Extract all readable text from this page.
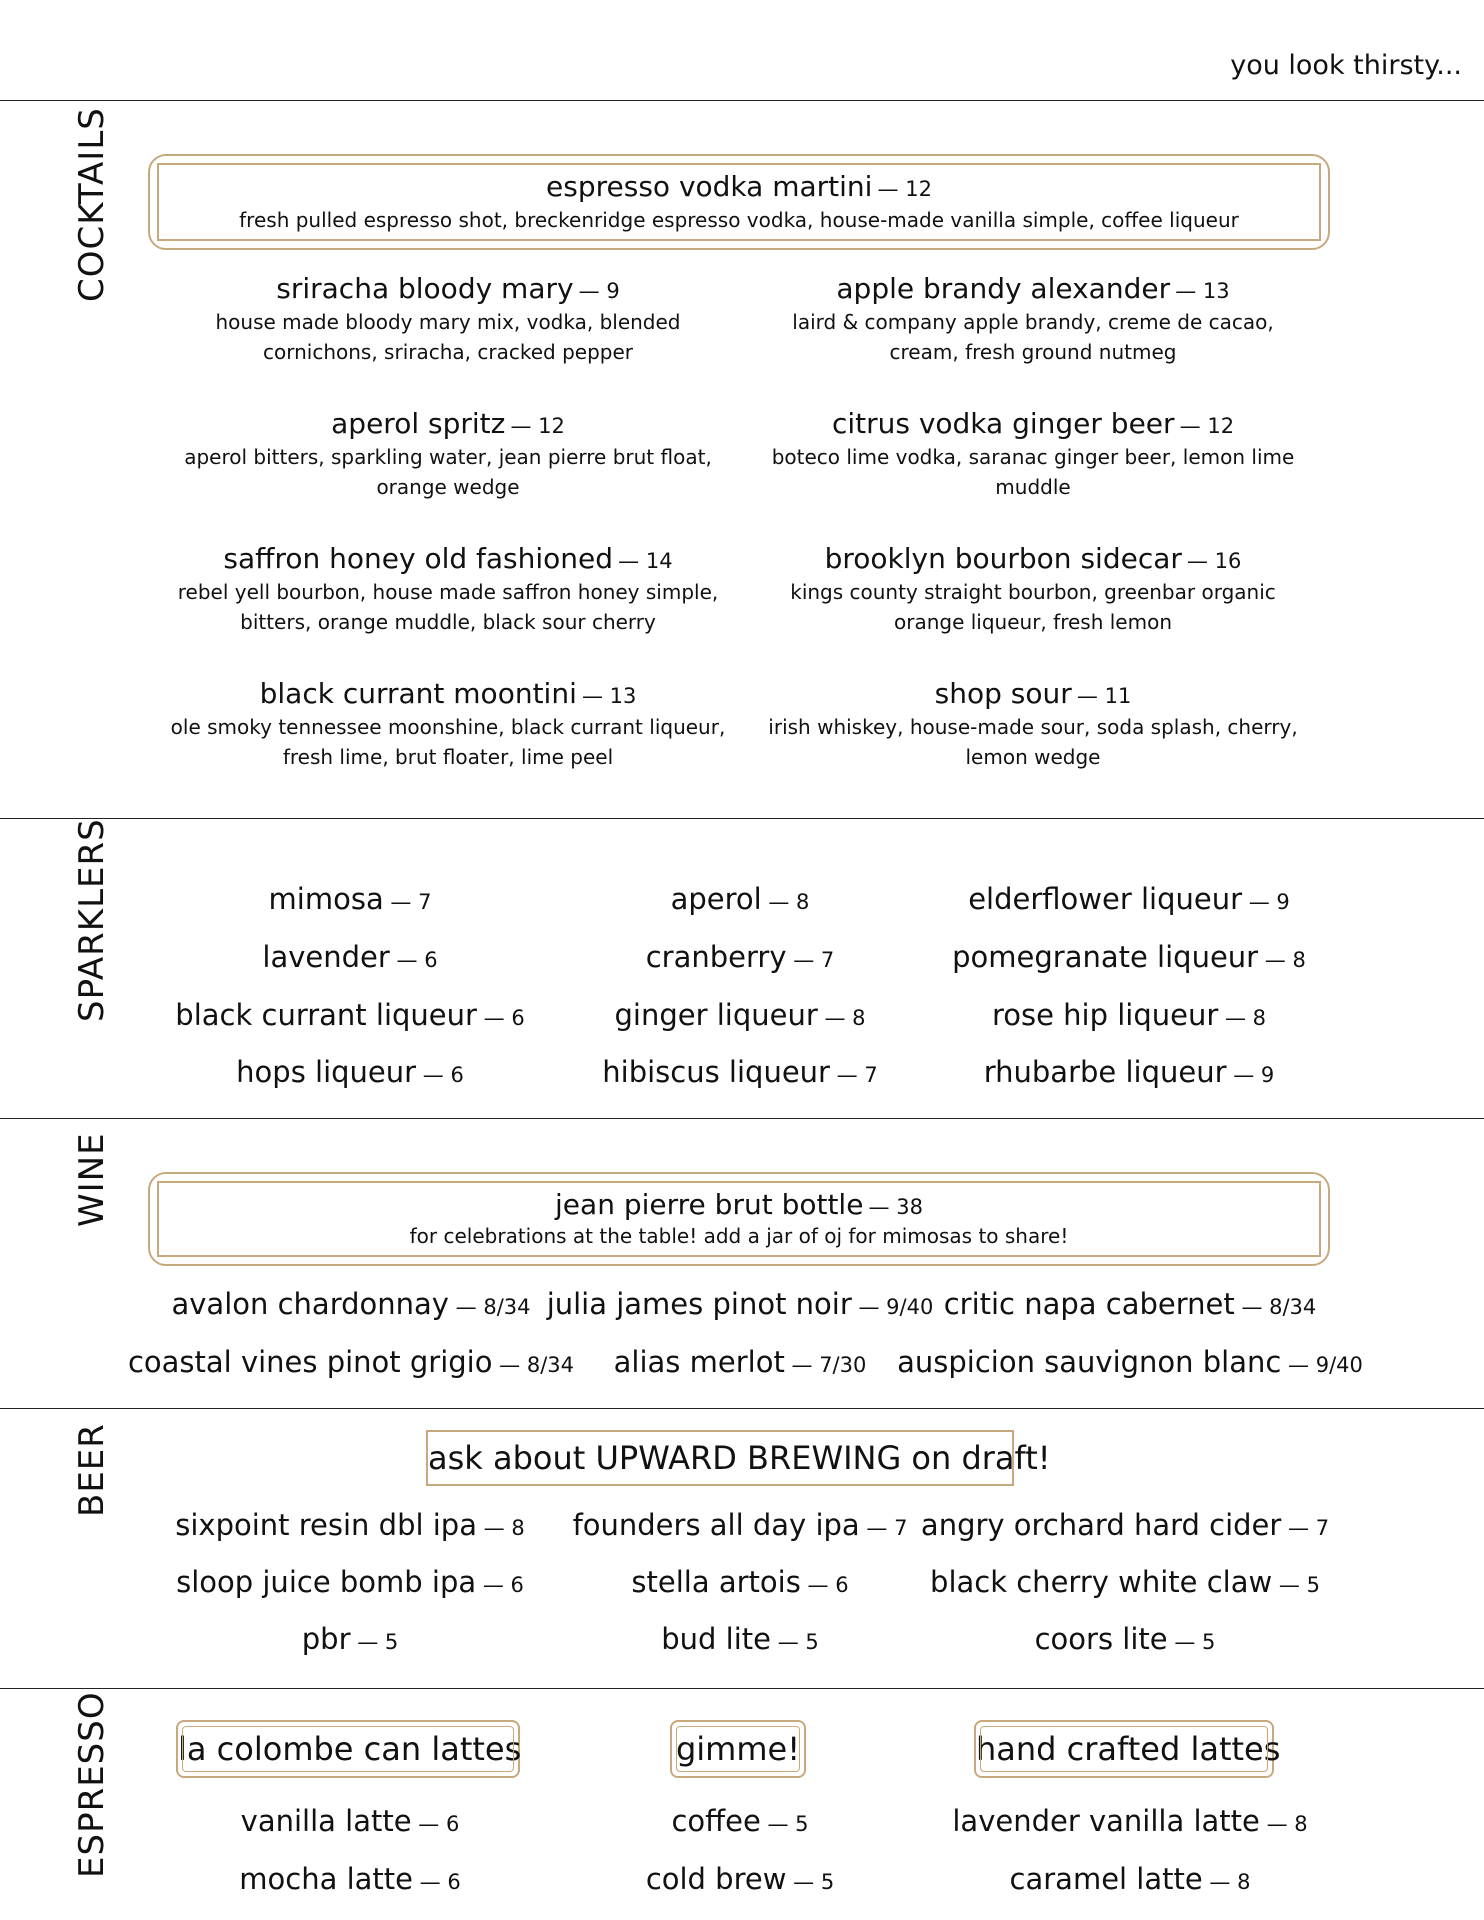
you look thirsty...
COCKTAILS
SPARKLERS
WINE
BEER
ESPRESSO
espresso vodka martini — 12
fresh pulled espresso shot, breckenridge espresso vodka, house-made vanilla simple, coffee liqueur
sriracha bloody mary — 9
house made bloody mary mix, vodka, blended
cornichons, sriracha, cracked pepper
apple brandy alexander — 13
laird & company apple brandy, creme de cacao,
cream, fresh ground nutmeg
aperol spritz — 12
aperol bitters, sparkling water, jean pierre brut float,
orange wedge
citrus vodka ginger beer — 12
boteco lime vodka, saranac ginger beer, lemon lime
muddle
saffron honey old fashioned — 14
rebel yell bourbon, house made saffron honey simple,
bitters, orange muddle, black sour cherry
brooklyn bourbon sidecar — 16
kings county straight bourbon, greenbar organic
orange liqueur, fresh lemon
black currant moontini — 13
ole smoky tennessee moonshine, black currant liqueur,
fresh lime, brut floater, lime peel
shop sour — 11
irish whiskey, house-made sour, soda splash, cherry,
lemon wedge
mimosa — 7	aperol — 8	elderflower liqueur — 9
lavender — 6	cranberry — 7	pomegranate liqueur — 8
black currant liqueur — 6	ginger liqueur — 8	rose hip liqueur — 8
hops liqueur — 6	hibiscus liqueur — 7	rhubarbe liqueur — 9
jean pierre brut bottle — 38
for celebrations at the table! add a jar of oj for mimosas to share!
avalon chardonnay — 8/34 julia james pinot noir — 9/40 critic napa cabernet — 8/34
coastal vines pinot grigio — 8/34 alias merlot — 7/30 auspicion sauvignon blanc — 9/40
ask about UPWARD BREWING on draft!
sixpoint resin dbl ipa — 8 founders all day ipa — 7 angry orchard hard cider — 7
sloop juice bomb ipa — 6	stella artois — 6	black cherry white claw — 5
pbr — 5	bud lite — 5	coors lite — 5
la colombe can lattes	gimme!	hand crafted lattes
vanilla latte — 6	coffee — 5	lavender vanilla latte — 8
mocha latte — 6	cold brew — 5	caramel latte — 8
